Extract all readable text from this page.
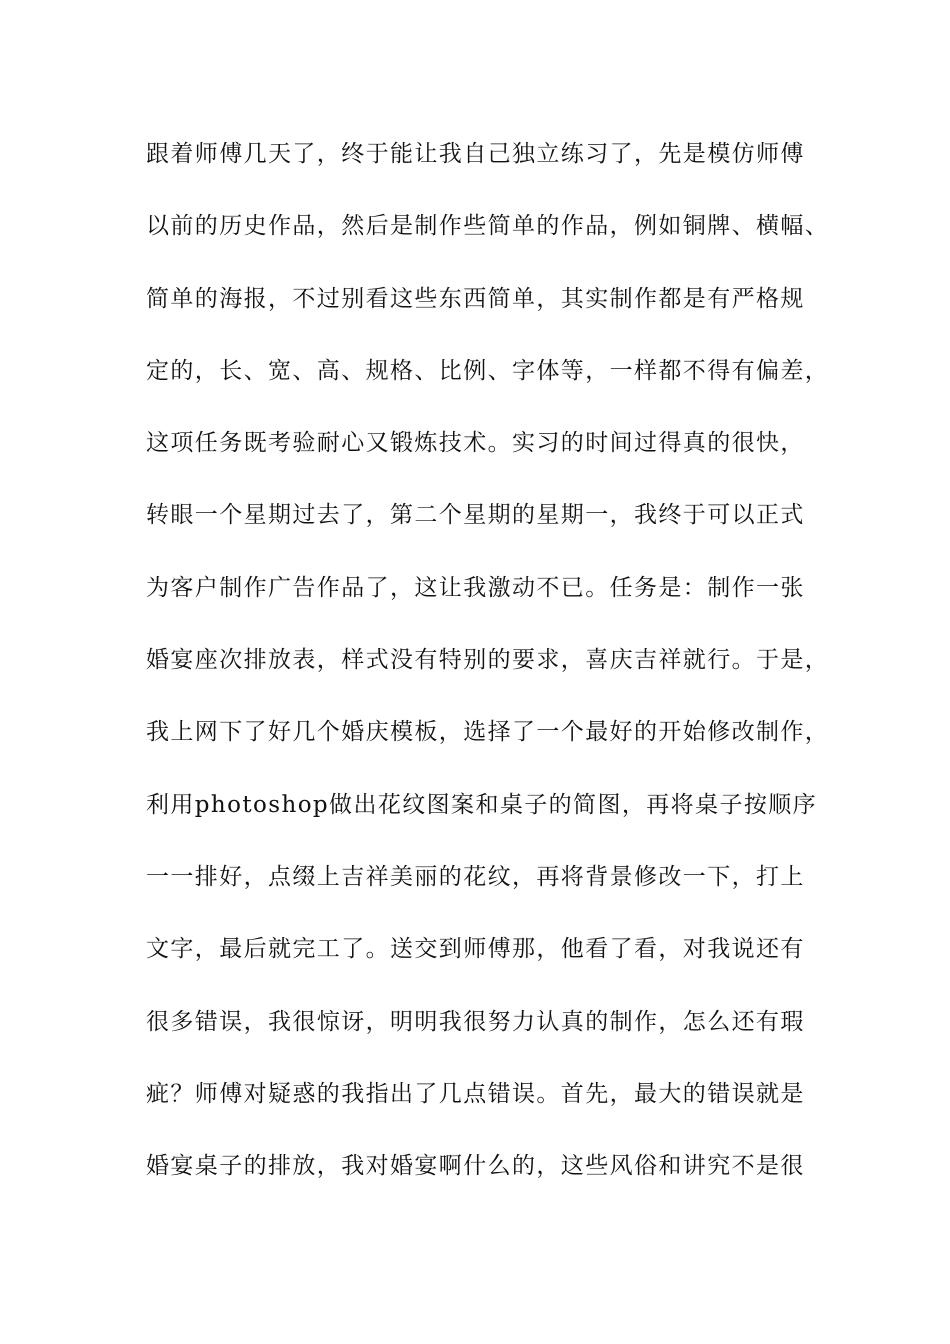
跟着师傅几天了，终于能让我自己独立练习了，先是模仿师傅
以前的历史作品，然后是制作些简单的作品，例如铜牌、横幅、
简单的海报，不过别看这些东西简单，其实制作都是有严格规
定的，长、宽、高、规格、比例、字体等，一样都不得有偏差，
这项任务既考验耐心又锻炼技术。实习的时间过得真的很快，
转眼一个星期过去了，第二个星期的星期一，我终于可以正式
为客户制作广告作品了，这让我激动不已。任务是：制作一张
婚宴座次排放表，样式没有特别的要求，喜庆吉祥就行。于是，
我上网下了好几个婚庆模板，选择了一个最好的开始修改制作，
利用photoshop做出花纹图案和桌子的简图，再将桌子按顺序
一一排好，点缀上吉祥美丽的花纹，再将背景修改一下，打上
文字，最后就完工了。送交到师傅那，他看了看，对我说还有
很多错误，我很惊讶，明明我很努力认真的制作，怎么还有瑕
疵？师傅对疑惑的我指出了几点错误。首先，最大的错误就是
婚宴桌子的排放，我对婚宴啊什么的，这些风俗和讲究不是很
